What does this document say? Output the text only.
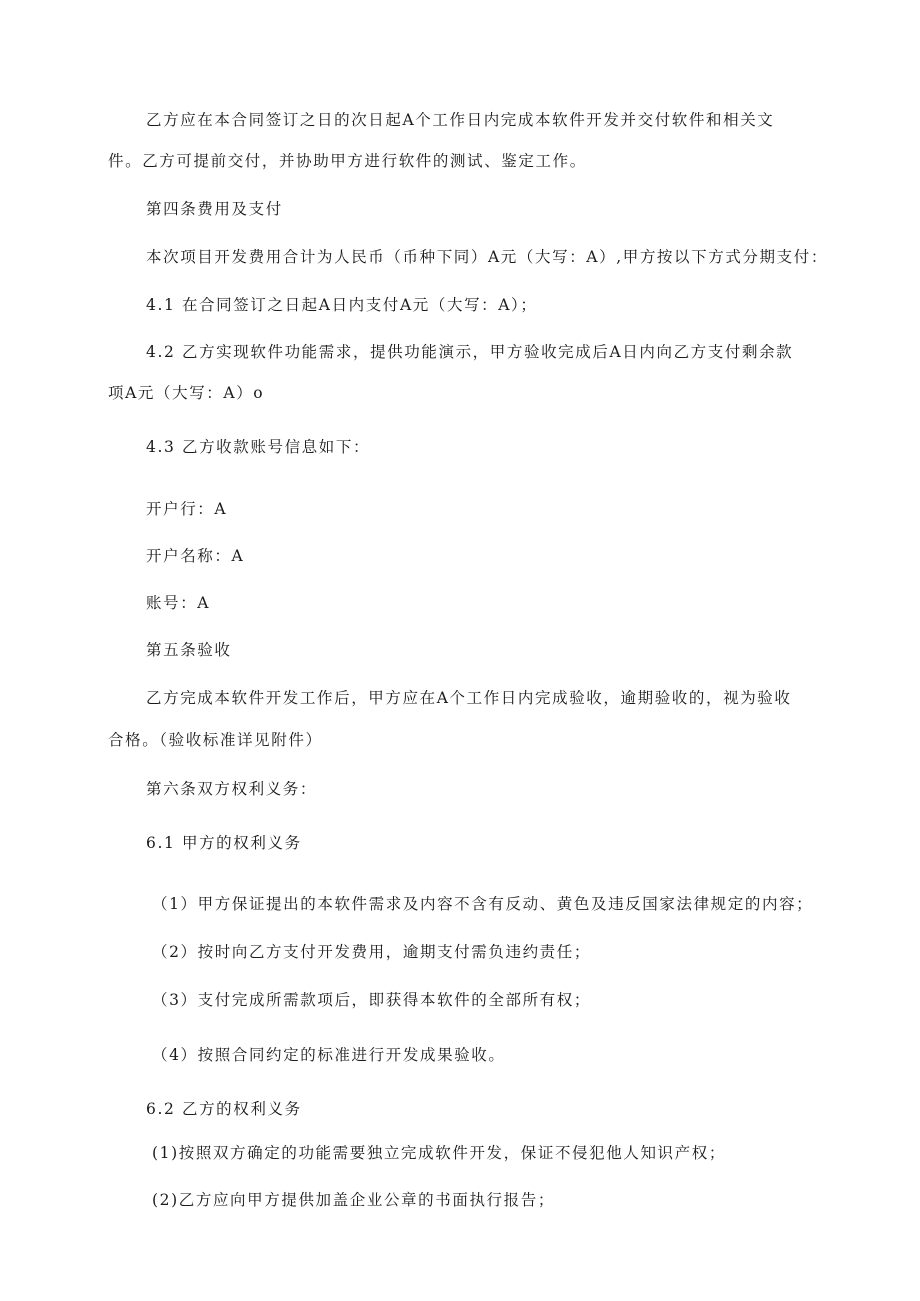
乙方应在本合同签订之日的次日起A个工作日内完成本软件开发并交付软件和相关文
件。乙方可提前交付，并协助甲方进行软件的测试、鉴定工作。
第四条费用及支付
本次项目开发费用合计为人民币（币种下同）A元（大写：A）,甲方按以下方式分期支付：
4.1 在合同签订之日起A日内支付A元（大写：A）；
4.2 乙方实现软件功能需求，提供功能演示，甲方验收完成后A日内向乙方支付剩余款
项A元（大写：A）o
4.3 乙方收款账号信息如下：
开户行：A
开户名称：A
账号：A
第五条验收
乙方完成本软件开发工作后，甲方应在A个工作日内完成验收，逾期验收的，视为验收
合格。（验收标准详见附件）
第六条双方权利义务：
6.1 甲方的权利义务
（1）甲方保证提出的本软件需求及内容不含有反动、黄色及违反国家法律规定的内容；
（2）按时向乙方支付开发费用，逾期支付需负违约责任；
（3）支付完成所需款项后，即获得本软件的全部所有权；
（4）按照合同约定的标准进行开发成果验收。
6.2 乙方的权利义务
(1)按照双方确定的功能需要独立完成软件开发，保证不侵犯他人知识产权；
(2)乙方应向甲方提供加盖企业公章的书面执行报告；
